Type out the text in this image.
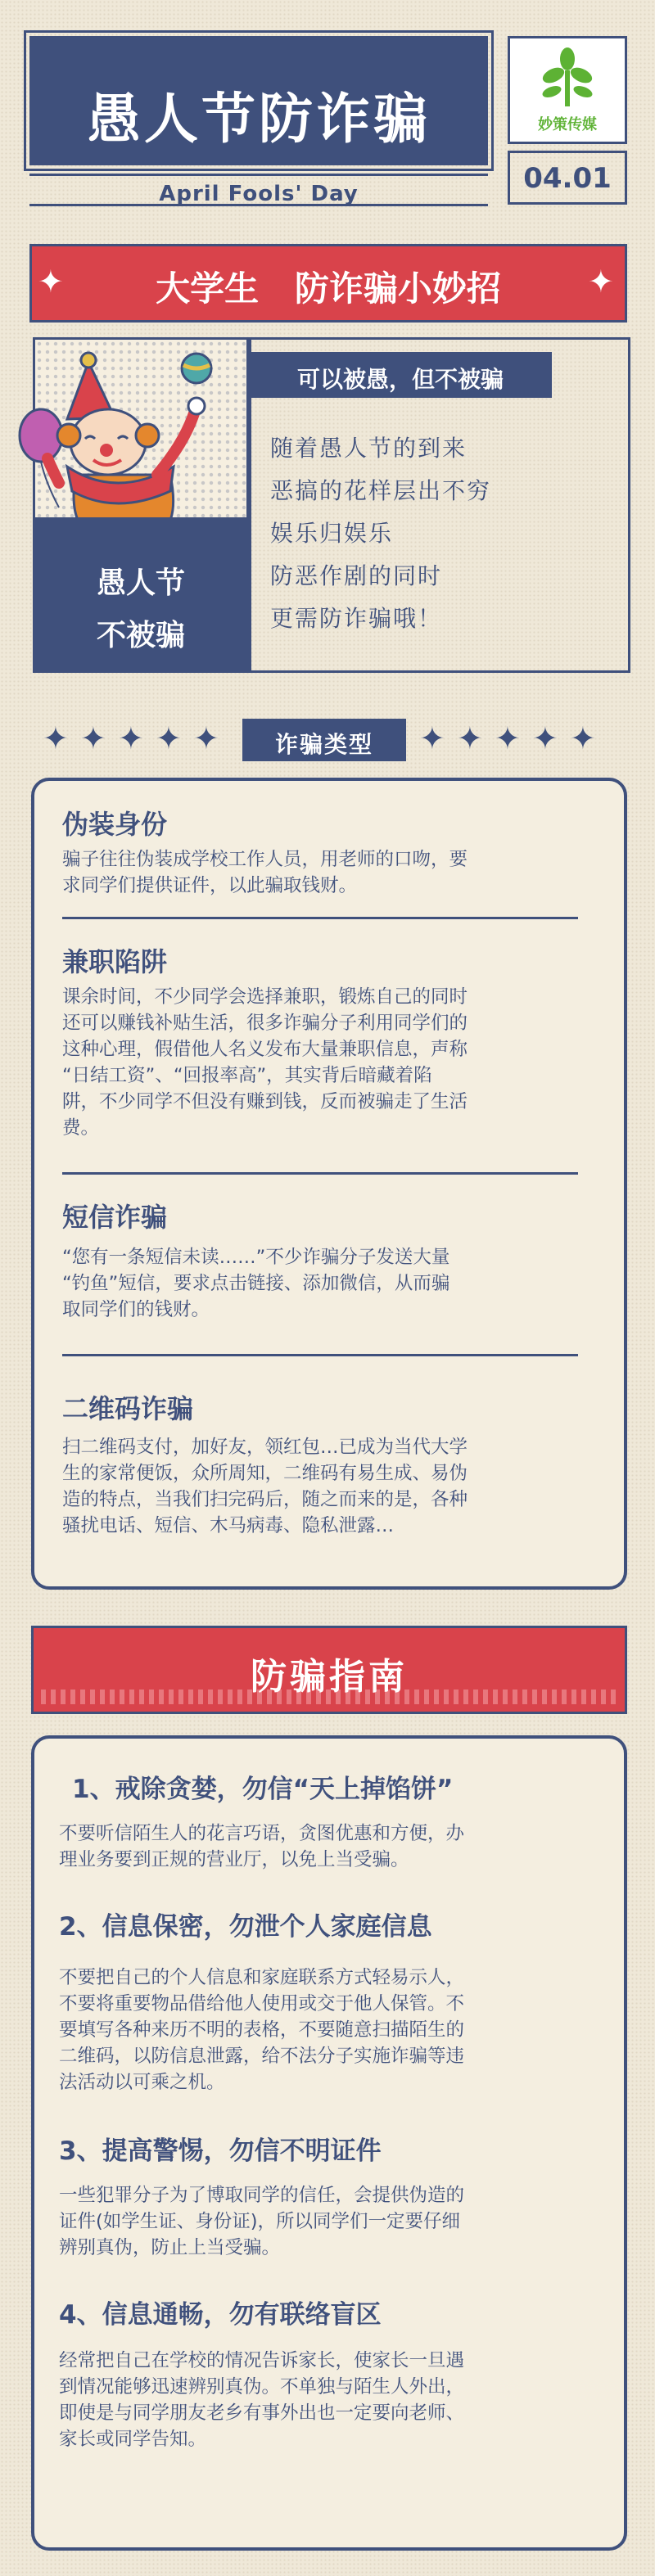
愚人节防诈骗
April Fools' Day
妙策传媒
04.01
✦	✦
大学生   防诈骗小妙招
愚人节
不被骗
可以被愚，但不被骗
随着愚人节的到来
恶搞的花样层出不穷
娱乐归娱乐
防恶作剧的同时
更需防诈骗哦！
✦ ✦ ✦ ✦ ✦	诈骗类型	✦ ✦ ✦ ✦ ✦
伪装身份
骗子往往伪装成学校工作人员，用老师的口吻，要
求同学们提供证件，以此骗取钱财。
兼职陷阱
课余时间，不少同学会选择兼职，锻炼自己的同时
还可以赚钱补贴生活，很多诈骗分子利用同学们的
这种心理，假借他人名义发布大量兼职信息，声称
“日结工资”、“回报率高”，其实背后暗藏着陷
阱，不少同学不但没有赚到钱，反而被骗走了生活
费。
短信诈骗
“您有一条短信未读……”不少诈骗分子发送大量
“钓鱼”短信，要求点击链接、添加微信，从而骗
取同学们的钱财。
二维码诈骗
扫二维码支付，加好友，领红包…已成为当代大学
生的家常便饭，众所周知，二维码有易生成、易伪
造的特点，当我们扫完码后，随之而来的是，各种
骚扰电话、短信、木马病毒、隐私泄露…
防骗指南
1、戒除贪婪，勿信“天上掉馅饼”
不要听信陌生人的花言巧语，贪图优惠和方便，办
理业务要到正规的营业厅，以免上当受骗。
2、信息保密，勿泄个人家庭信息
不要把自己的个人信息和家庭联系方式轻易示人，
不要将重要物品借给他人使用或交于他人保管。不
要填写各种来历不明的表格，不要随意扫描陌生的
二维码，以防信息泄露，给不法分子实施诈骗等违
法活动以可乘之机。
3、提高警惕，勿信不明证件
一些犯罪分子为了博取同学的信任，会提供伪造的
证件(如学生证、身份证)，所以同学们一定要仔细
辨别真伪，防止上当受骗。
4、信息通畅，勿有联络盲区
经常把自己在学校的情况告诉家长，使家长一旦遇
到情况能够迅速辨别真伪。不单独与陌生人外出，
即使是与同学朋友老乡有事外出也一定要向老师、
家长或同学告知。
